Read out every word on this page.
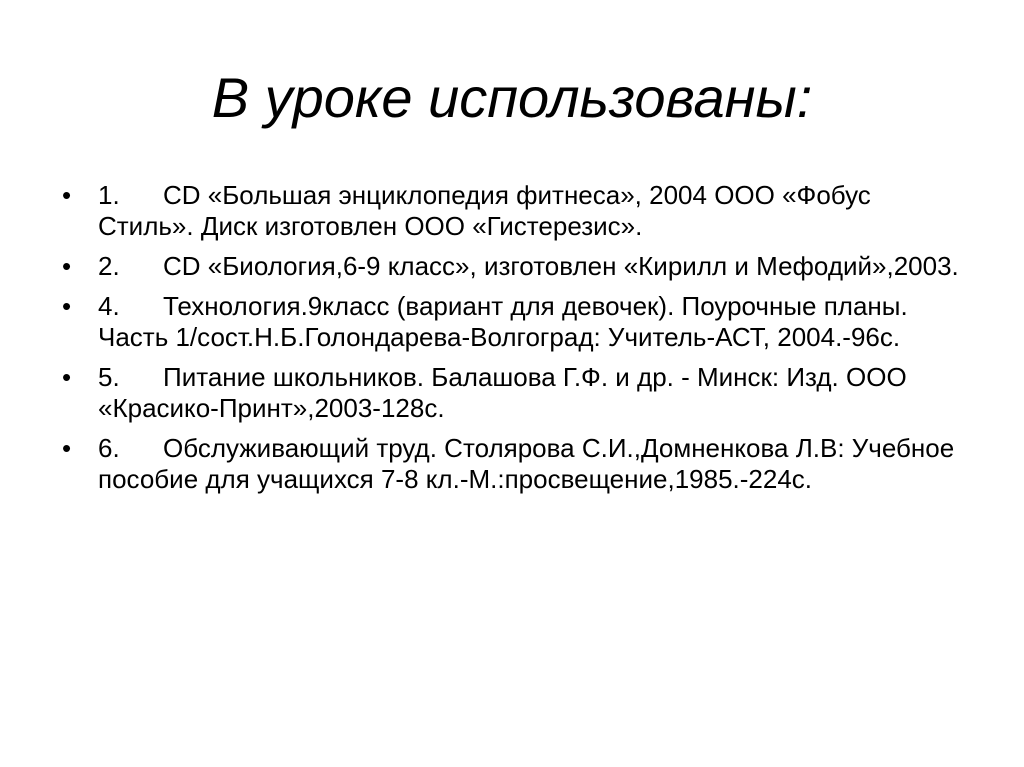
В уроке использованы:
•	1. CD «Большая энциклопедия фитнеса», 2004 ООО «Фобус Стиль». Диск изготовлен ООО «Гистерезис».
•	2. CD «Биология,6-9 класс», изготовлен «Кирилл и Мефодий»,2003.
•	4. Технология.9класс (вариант для девочек). Поурочные планы. Часть 1/сост.Н.Б.Голондарева-Волгоград: Учитель-АСТ, 2004.-96с.
•	5. Питание школьников. Балашова Г.Ф. и др. - Минск: Изд. ООО «Красико-Принт»,2003-128с.
•	6. Обслуживающий труд. Столярова С.И.,Домненкова Л.В: Учебное пособие для учащихся 7-8 кл.-М.:просвещение,1985.-224с.
